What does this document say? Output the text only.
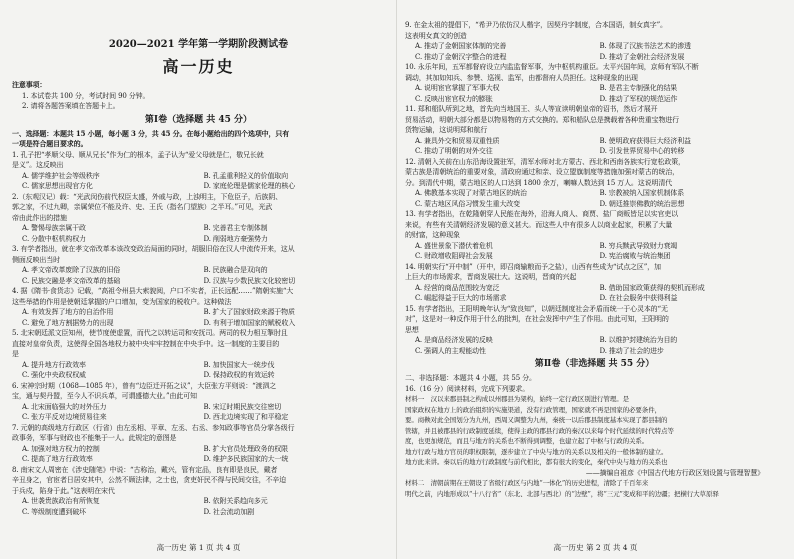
2020—2021 学年第一学期阶段测试卷
高一历史
注意事项：
1. 本试卷共 100 分，考试时间 90 分钟。
2. 请将各题答案填在答题卡上。
第Ⅰ卷（选择题 共 45 分）
一、选择题：本题共 15 小题，每小题 3 分，共 45 分。在每小题给出的四个选项中，只有
一项是符合题目要求的。
1. 孔子把“孝顺父母、顺从兄长”作为仁的根本，孟子认为“爱父母就是仁，敬兄长就
是义”。这反映出
A. 儒学维护社会等级秩序	B. 孔孟重利轻义的价值取向
C. 儒家思想出现官方化	D. 家庭伦理是儒家伦理的核心
2.（东观汉记）载：“光武闵伤前代权臣太盛，外戚与政，上浊明主，下危臣子，后族阴、
郭之家，不过九卿，亲属荣位不能及许、史、王氏（指名门望族）之半耳。”可见，光武
帝由此作出的措施
A. 警惕母族亲属干政	B. 完善君主专制体制
C. 分散中枢机构权力	D. 削弱地方豪强势力
3. 有学者指出，就在孝文帝改革本该改变政治局面的同时，胡服旧俗在汉人中流传开来，这从
侧面反映出当时
A. 孝文帝改革废除了汉族的旧俗	B. 民族融合是双向的
C. 民族交融是孝文帝改革的基础	D. 汉族与少数民族文化较密切
4. 据《隋书·食货志》记载，“高祖令州县大索貌阅，户口不实者，正长远配……”隋朝实施“大
这些举措的作用是使朝廷掌握的户口增加，变为国家的税收户。这种做法
A. 有效发挥了地方的自治作用	B. 扩大了国家财政来源于物质
C. 避免了地方割据势力的出现	D. 有利于增加国家的赋税收入
5. 北宋朝廷派文臣知州，使节度使虚置，而代之以转运司和安抚司。两司的权力相互掣肘且
直接对皇帝负责，这使得全国各地权力被中央牢牢控制在中央手中。这一制度的主要目的
是
A. 提升地方行政效率	B. 加快国家大一统步伐
C. 强化中央政权权威	D. 保持政权的有效运转
6. 宋神宗时期（1068—1085 年），曾有“边臣迁开拓之议”，大臣张方平则说：“渡泗之
宝，通与契丹盟，至今人不识兵革，可谓盛德大业。”由此可知
A. 北宋面临强大的对外压力	B. 宋辽时期民族交往密切
C. 张方平反对边境贸易往来	D. 西北边境实现了和平稳定
7. 元朝的高级地方行政区（行省）由左丞相、平章、左丞、右丞、参知政事等官员分掌各级行
政事务，军事与财政也不能集于一人。此规定的意图是
A. 加强对地方权力的控制	B. 扩大官员处理政务的权限
C. 提高了地方行政效率	D. 维护多民族国家的大一统
8. 南宋文人周密在《涉史随笔》中说：“古称治，戴兴，管有定品，良有即是良民，戴者
辛丑身之，官宦者日居安其中，公然不顾法律，之士也，贪吏奸民不得与民间交往，不辛迫
于兵戍，陷身于此。”这表明在宋代
A. 世袭贵族政治有所恢复	B. 依附关系趋向多元
C. 等级制度遭到破坏	D. 社会流动加剧
高一历史 第 1 页 共 4 页
9. 在金太祖的提倡下，“希尹乃依仿汉人楷字，因契丹字制度，合本国语，制女真字”。
这表明女真文的创造
A. 推动了金朝国家体制的完善	B. 体现了汉族书法艺术的渗透
C. 推动了金朝汉字整合的进程	D. 推动了金朝社会经济发展
10. 永乐年间，五军都督府设立内监监督军事，为中枢机构重臣。太平兴国年间，京师有军队不断
调动，其加如知兵、参赞、巡视、监军，由都督府人员担任。这种现象的出现
A. 说明宦官掌握了军事大权	B. 是君主专制强化的结果
C. 反映出宦官权力的膨胀	D. 推动了军权的规范运作
11. 郑和船队所到之地，首先向当地国王、头人等宣读明朝皇帝的诏书，然后才展开
贸易活动，明朝大部分都是以物易物的方式交换的。郑和船队总是携载着各种贵重宝物进行
货物运输，这说明郑和航行
A. 兼具外交和贸易双重性质	B. 使明政府获得巨大经济利益
C. 推动了明朝的对外交往	D. 引发世界贸易中心的转移
12. 清朝入关前在山东沿海设置驻军，清军水师对北方蒙古、西北和西南各族实行宽松政策，
蒙古族是清朝统治的重要对象，清政府通过和亲、设立盟旗制度等措施加强对蒙古的统治，
分。到清代中期，蒙古地区的人口达到 1800 余万，喇嘛人数达到 15 万人。这说明清代
A. 佛教基本实现了对蒙古地区的统治	B. 宗教被纳入国家机制体系
C. 蒙古地区风俗习惯发生重大改变	D. 朝廷推崇佛教的统治思想
13. 有学者指出，在乾隆朝穿人民能在海外，沿海人商人、商贾、盐厂商贩皆足以实官吏以
来说，有些有关清朝经济发展的意义甚大。而这些人中有很多人以商业起家，积累了大量
的财富，这种现象
A. 盛世景象下潜伏着危机	B. 穷兵黩武导致财力衰竭
C. 财政增收阻碍社会发展	D. 宪治腐败与统治集团
14. 明朝实行“开中制”（开中，即召商输粮而予之盐），山西有些成为“试点之区”，加
上巨大的市场需求，晋商发展壮大。这说明，晋商的兴起
A. 经营的商品范围较为宽泛	B. 借助国家政策获得的契机而形成
C. 崛起得益于巨大的市场需求	D. 在社会服务中获得利益
15. 有学者指出，王阳明晚年认为“致良知”，以朝廷制度社会矛盾而统一于心灵本的“无
对”，这是对一种反作用于什么的批判，在社会发挥中产生了作用。由此可知，王阳明的
思想
A. 是商品经济发展的反映	B. 以维护封建统治为目的
C. 强调人的主观能动性	D. 推动了社会的进步
第Ⅱ卷（非选择题 共 55 分）
二、非选择题：本题共 4 小题，共 55 分。
16.（16 分）阅读材料，完成下列要求。
材料一　汉以来郡县制之构成以州郡县为架构，始终一定行政区别进行管理。是
国家政权在地方上的政治组织的实施渠道，没有行政管理，国家就不再是国家的必要条件，
要。商鞅对此全国划分为九州，西周又调整为九州，秦统一以后郡县制度基本实现了都县制的
管辖，并且被郡县的行政制度延续，使得主政的郡县行政的秦汉以来每个时代延续的时代特点等
度，也更加规范，而且与地方的关系也不断得到调整，也建立起了中枢与行政的关系。
地方行政与地方官员的职权限制，逐步建立了中央与地方的关系以及相关的一般体制的建立。
地方此来讲。秦以后的地方行政制度与前代相比，都有很大的变化，秦代中央与地方的关系也
——摘编自祖彦《中国古代地方行政区划设置与管理智慧》
材料二　清朝前期在王朝设了省级行政区与内地“一体化”的历史进程，清除了千百年来
明代之前，内地形成以“十八行省”（东北、北部与西北）的“边壁”，将“三元”变成和平的边疆；把横行大草原驿
高一历史 第 2 页 共 4 页
